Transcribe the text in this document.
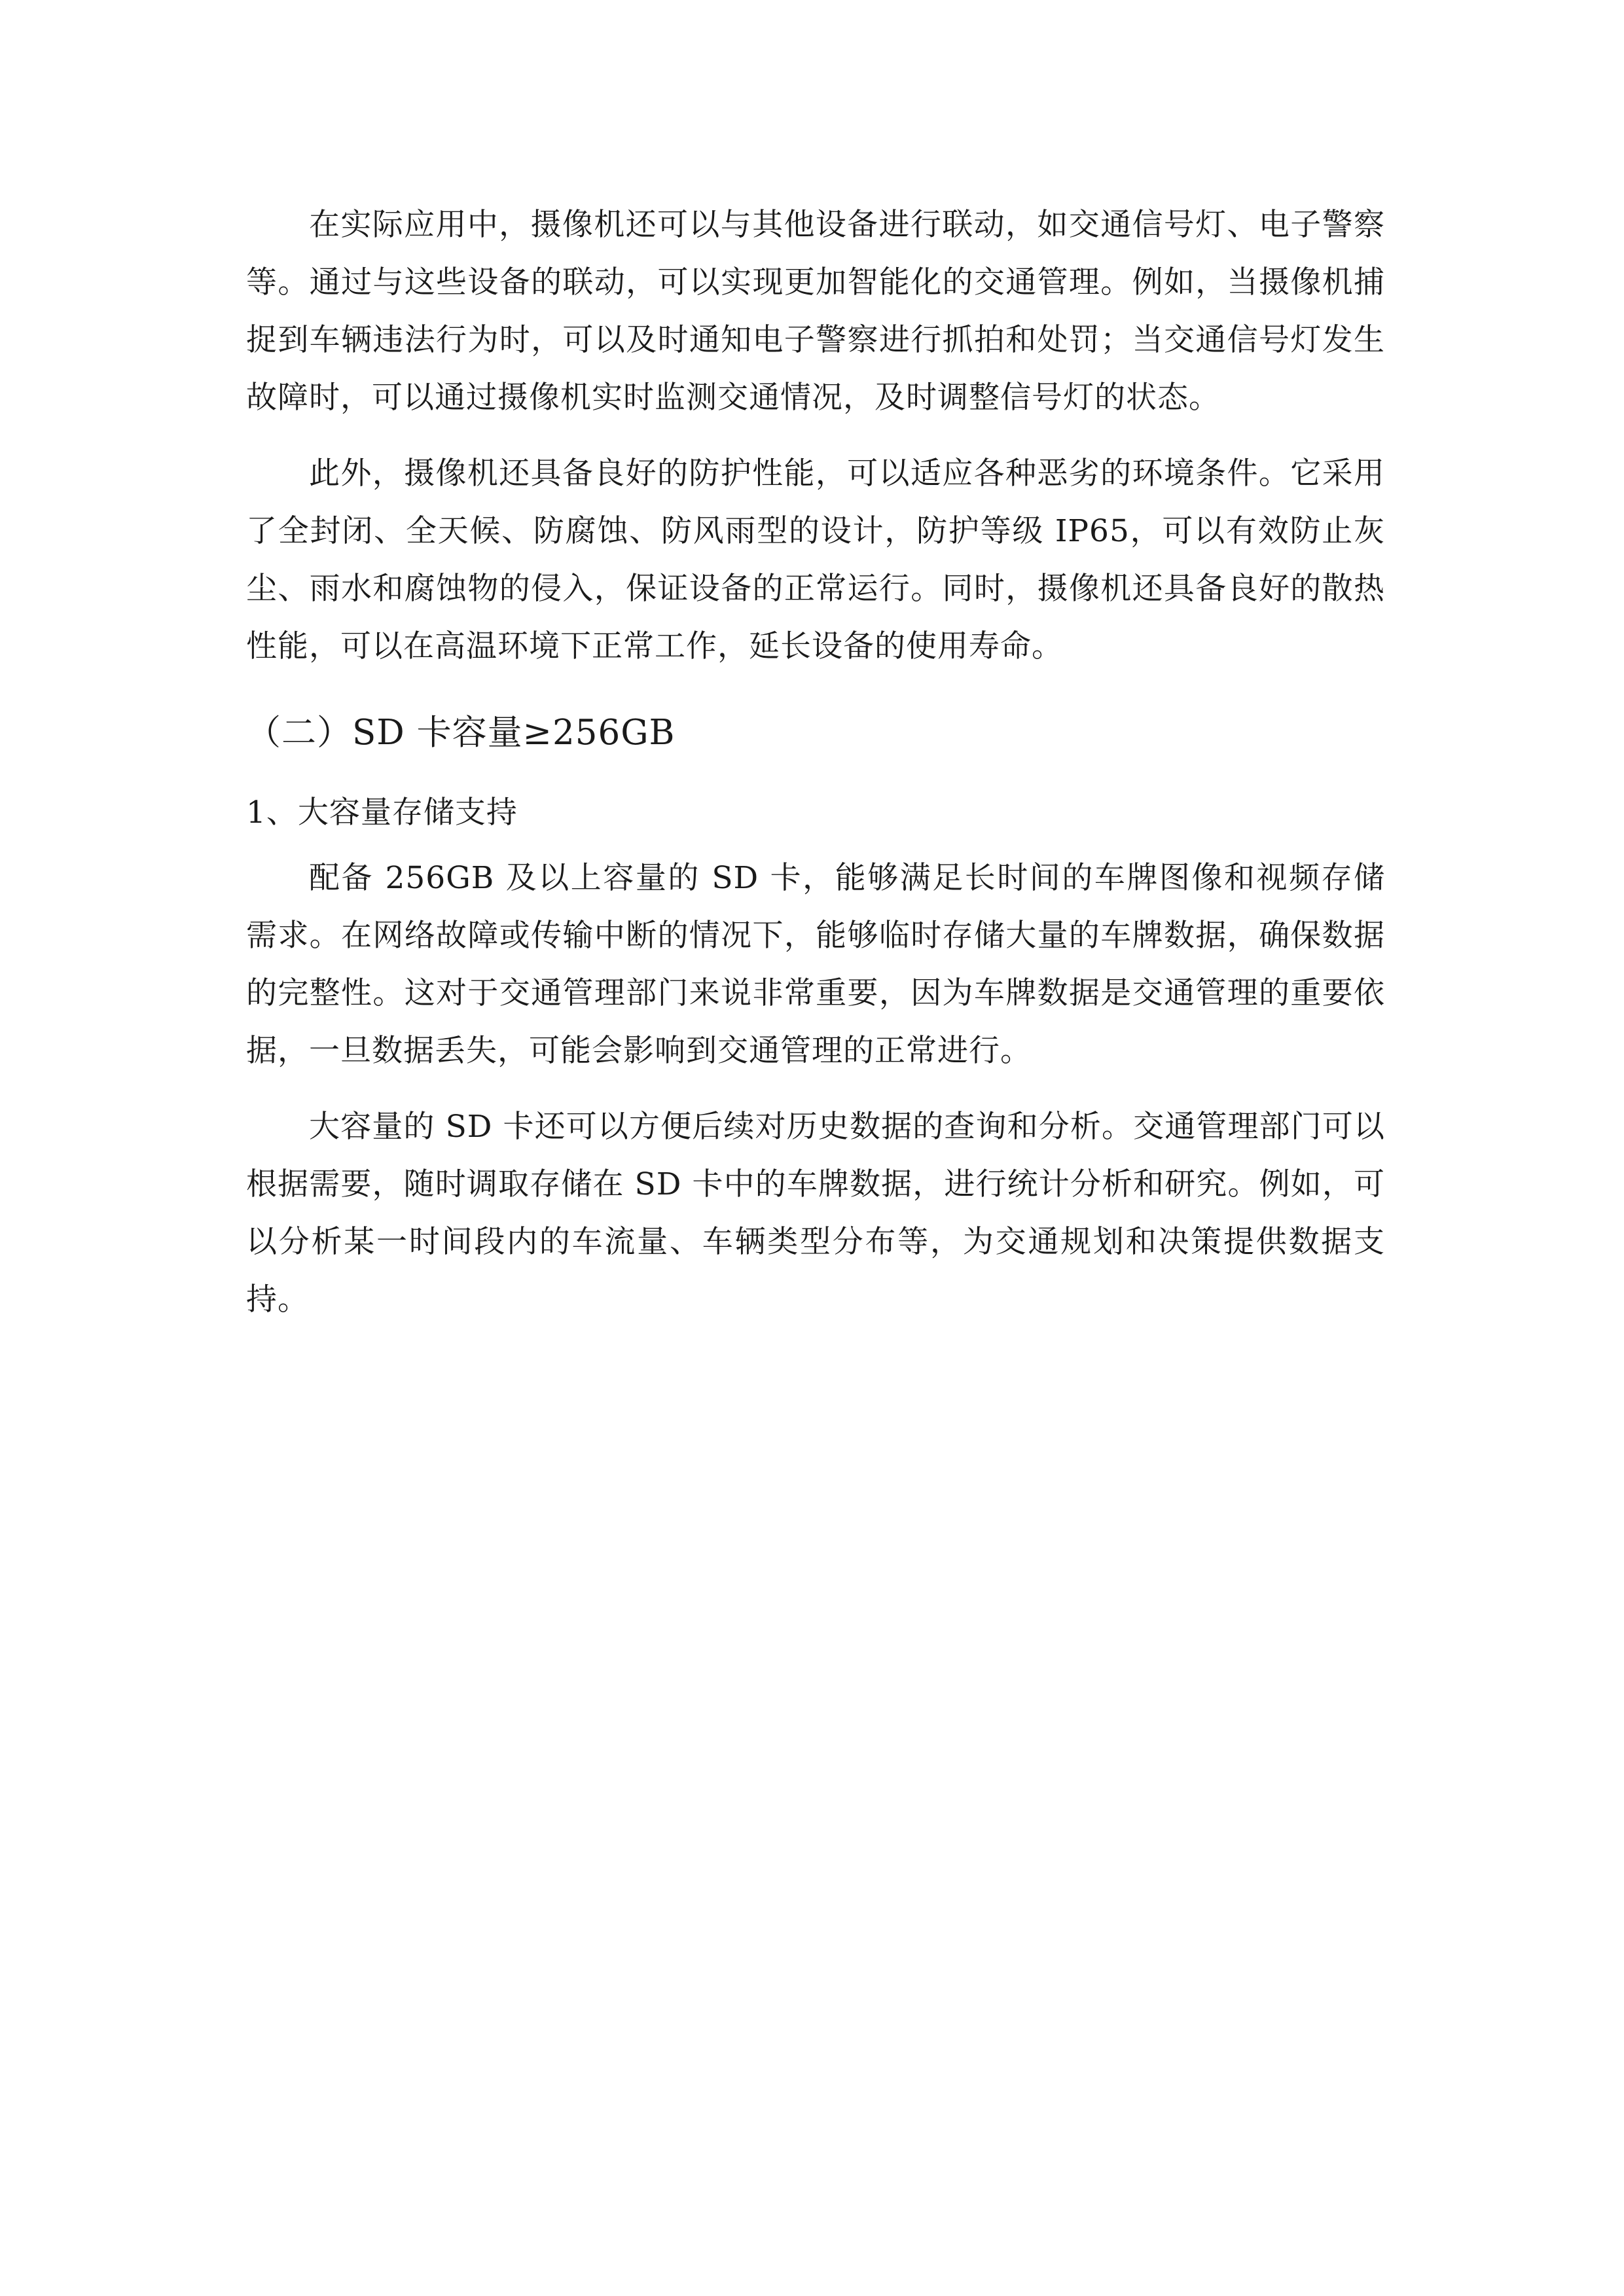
在实际应用中，摄像机还可以与其他设备进行联动，如交通信号灯、电子警察等。通过与这些设备的联动，可以实现更加智能化的交通管理。例如，当摄像机捕捉到车辆违法行为时，可以及时通知电子警察进行抓拍和处罚；当交通信号灯发生故障时，可以通过摄像机实时监测交通情况，及时调整信号灯的状态。

此外，摄像机还具备良好的防护性能，可以适应各种恶劣的环境条件。它采用了全封闭、全天候、防腐蚀、防风雨型的设计，防护等级 IP65，可以有效防止灰尘、雨水和腐蚀物的侵入，保证设备的正常运行。同时，摄像机还具备良好的散热性能，可以在高温环境下正常工作，延长设备的使用寿命。

（二）SD 卡容量≥256GB
1、大容量存储支持

配备 256GB 及以上容量的 SD 卡，能够满足长时间的车牌图像和视频存储需求。在网络故障或传输中断的情况下，能够临时存储大量的车牌数据，确保数据的完整性。这对于交通管理部门来说非常重要，因为车牌数据是交通管理的重要依据，一旦数据丢失，可能会影响到交通管理的正常进行。

大容量的 SD 卡还可以方便后续对历史数据的查询和分析。交通管理部门可以根据需要，随时调取存储在 SD 卡中的车牌数据，进行统计分析和研究。例如，可以分析某一时间段内的车流量、车辆类型分布等，为交通规划和决策提供数据支持。
